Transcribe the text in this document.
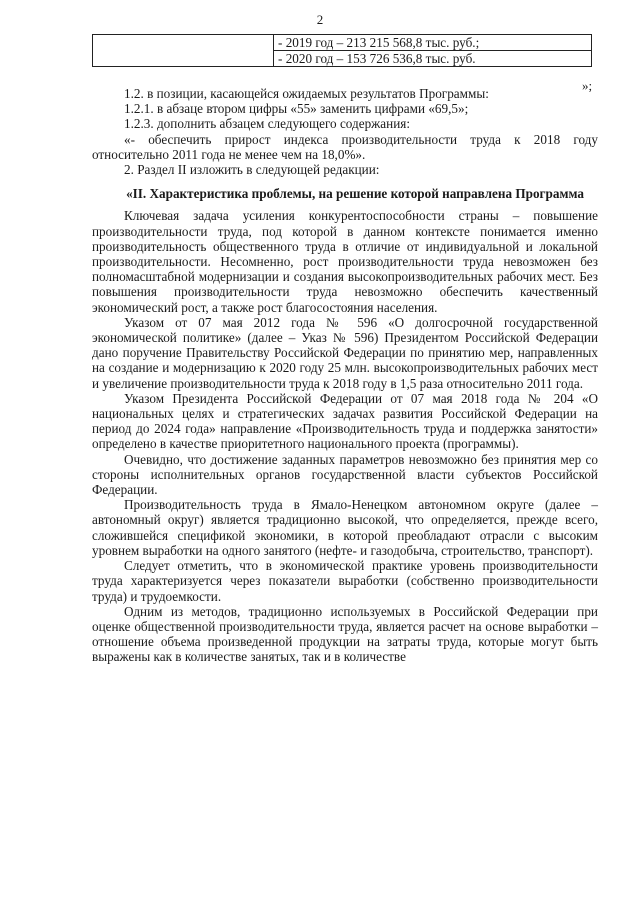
2
	- 2019 год – 213 215 568,8 тыс. руб.;
- 2020 год – 153 726 536,8 тыс. руб.
»;

1.2. в позиции, касающейся ожидаемых результатов Программы:

1.2.1. в абзаце втором цифры «55» заменить цифрами «69,5»;

1.2.3. дополнить абзацем следующего содержания:

«- обеспечить прирост индекса производительности труда к 2018 году относительно 2011 года не менее чем на 18,0%».

2. Раздел II изложить в следующей редакции:

«II. Характеристика проблемы, на решение которой направлена Программа

Ключевая задача усиления конкурентоспособности страны – повышение производительности труда, под которой в данном контексте понимается именно производительность общественного труда в отличие от индивидуальной и локальной производительности. Несомненно, рост производительности труда невозможен без полномасштабной модернизации и создания высокопроизводительных рабочих мест. Без повышения производительности труда невозможно обеспечить качественный экономический рост, а также рост благосостояния населения.

Указом от 07 мая 2012 года № 596 «О долгосрочной государственной экономической политике» (далее – Указ № 596) Президентом Российской Федерации дано поручение Правительству Российской Федерации по принятию мер, направленных на создание и модернизацию к 2020 году 25 млн. высокопроизводительных рабочих мест и увеличение производительности труда к 2018 году в 1,5 раза относительно 2011 года.

Указом Президента Российской Федерации от 07 мая 2018 года № 204 «О национальных целях и стратегических задачах развития Российской Федерации на период до 2024 года» направление «Производительность труда и поддержка занятости» определено в качестве приоритетного национального проекта (программы).

Очевидно, что достижение заданных параметров невозможно без принятия мер со стороны исполнительных органов государственной власти субъектов Российской Федерации.

Производительность труда в Ямало-Ненецком автономном округе (далее – автономный округ) является традиционно высокой, что определяется, прежде всего, сложившейся спецификой экономики, в которой преобладают отрасли с высоким уровнем выработки на одного занятого (нефте- и газодобыча, строительство, транспорт).

Следует отметить, что в экономической практике уровень производительности труда характеризуется через показатели выработки (собственно производительности труда) и трудоемкости.

Одним из методов, традиционно используемых в Российской Федерации при оценке общественной производительности труда, является расчет на основе выработки – отношение объема произведенной продукции на затраты труда, которые могут быть выражены как в количестве занятых, так и в количестве
